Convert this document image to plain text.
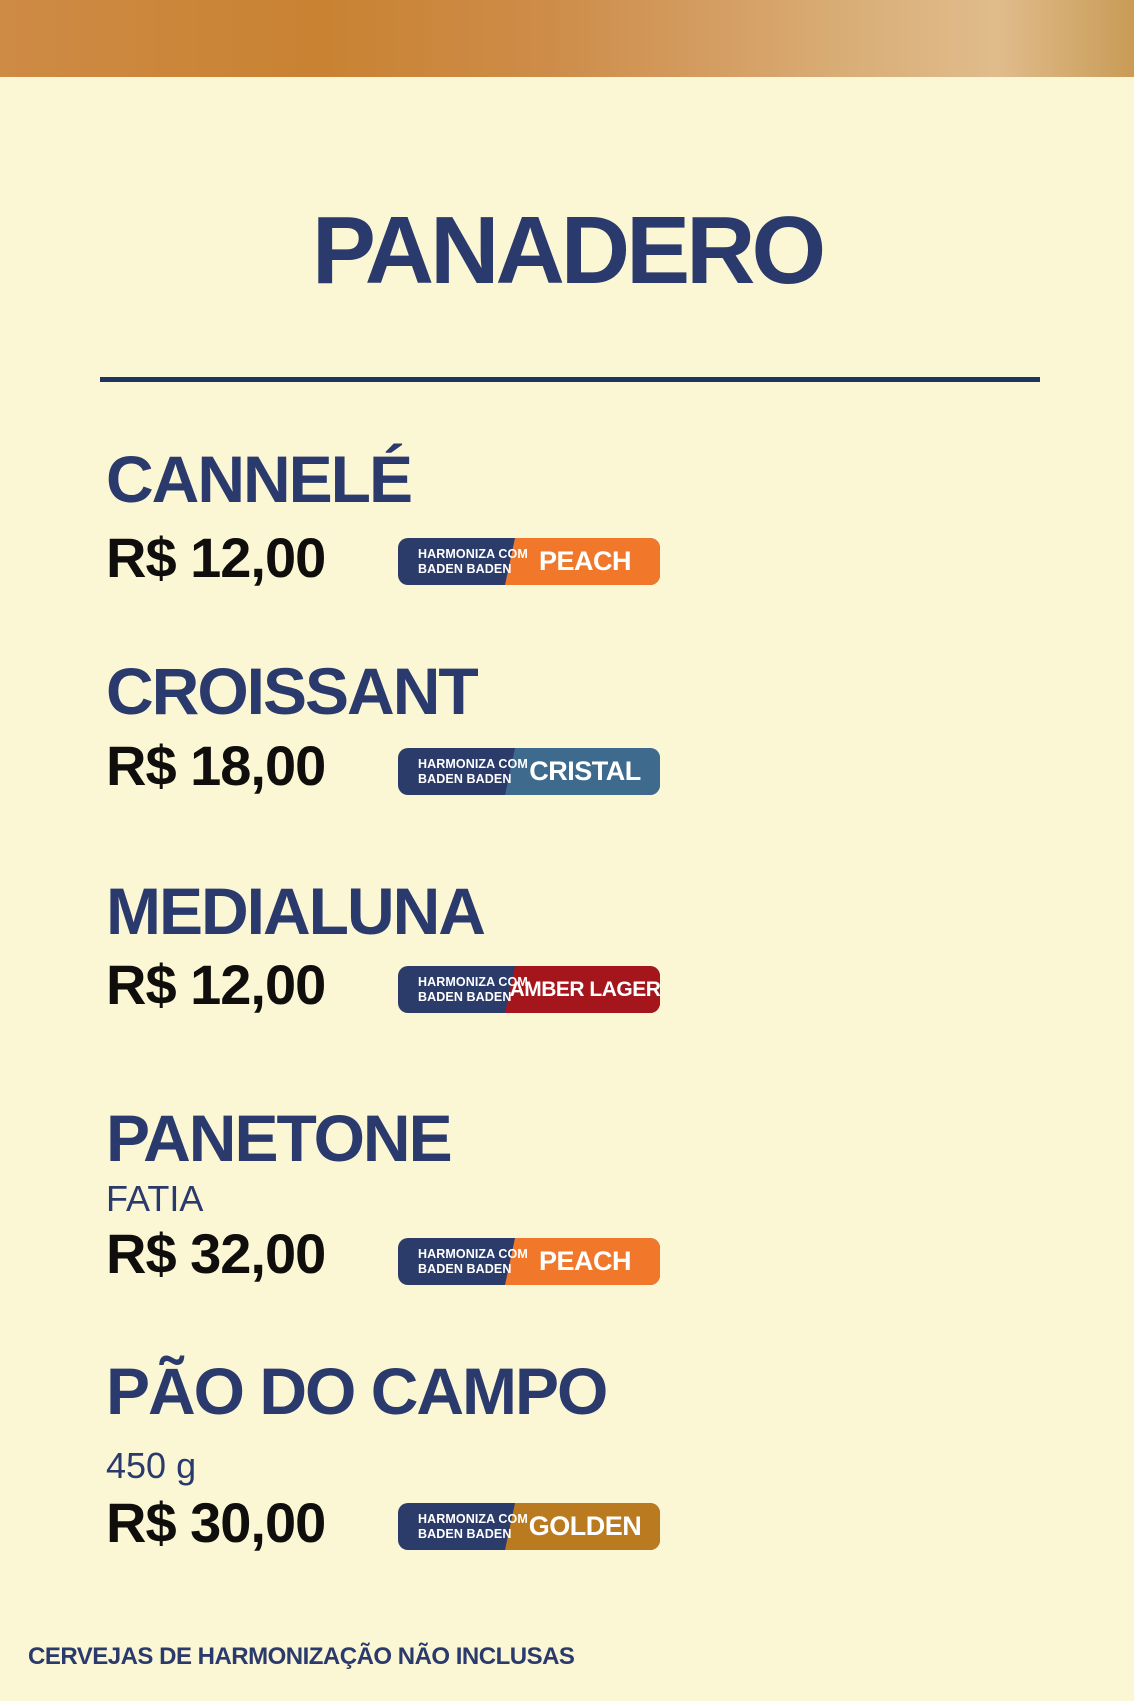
PANADERO
CANNELÉ
R$ 12,00	HARMONIZA COM
BADEN BADEN	PEACH
CROISSANT
R$ 18,00	HARMONIZA COM
BADEN BADEN CRISTAL
MEDIALUNA
R$ 12,00	HARMONIZA COM
BADEN BADEN
AMBER LAGER
PANETONE
FATIA
R$ 32,00	HARMONIZA COM
BADEN BADEN	PEACH
PÃO DO CAMPO
450 g
R$ 30,00	HARMONIZA COM
BADEN BADEN GOLDEN
CERVEJAS DE HARMONIZAÇÃO NÃO INCLUSAS
